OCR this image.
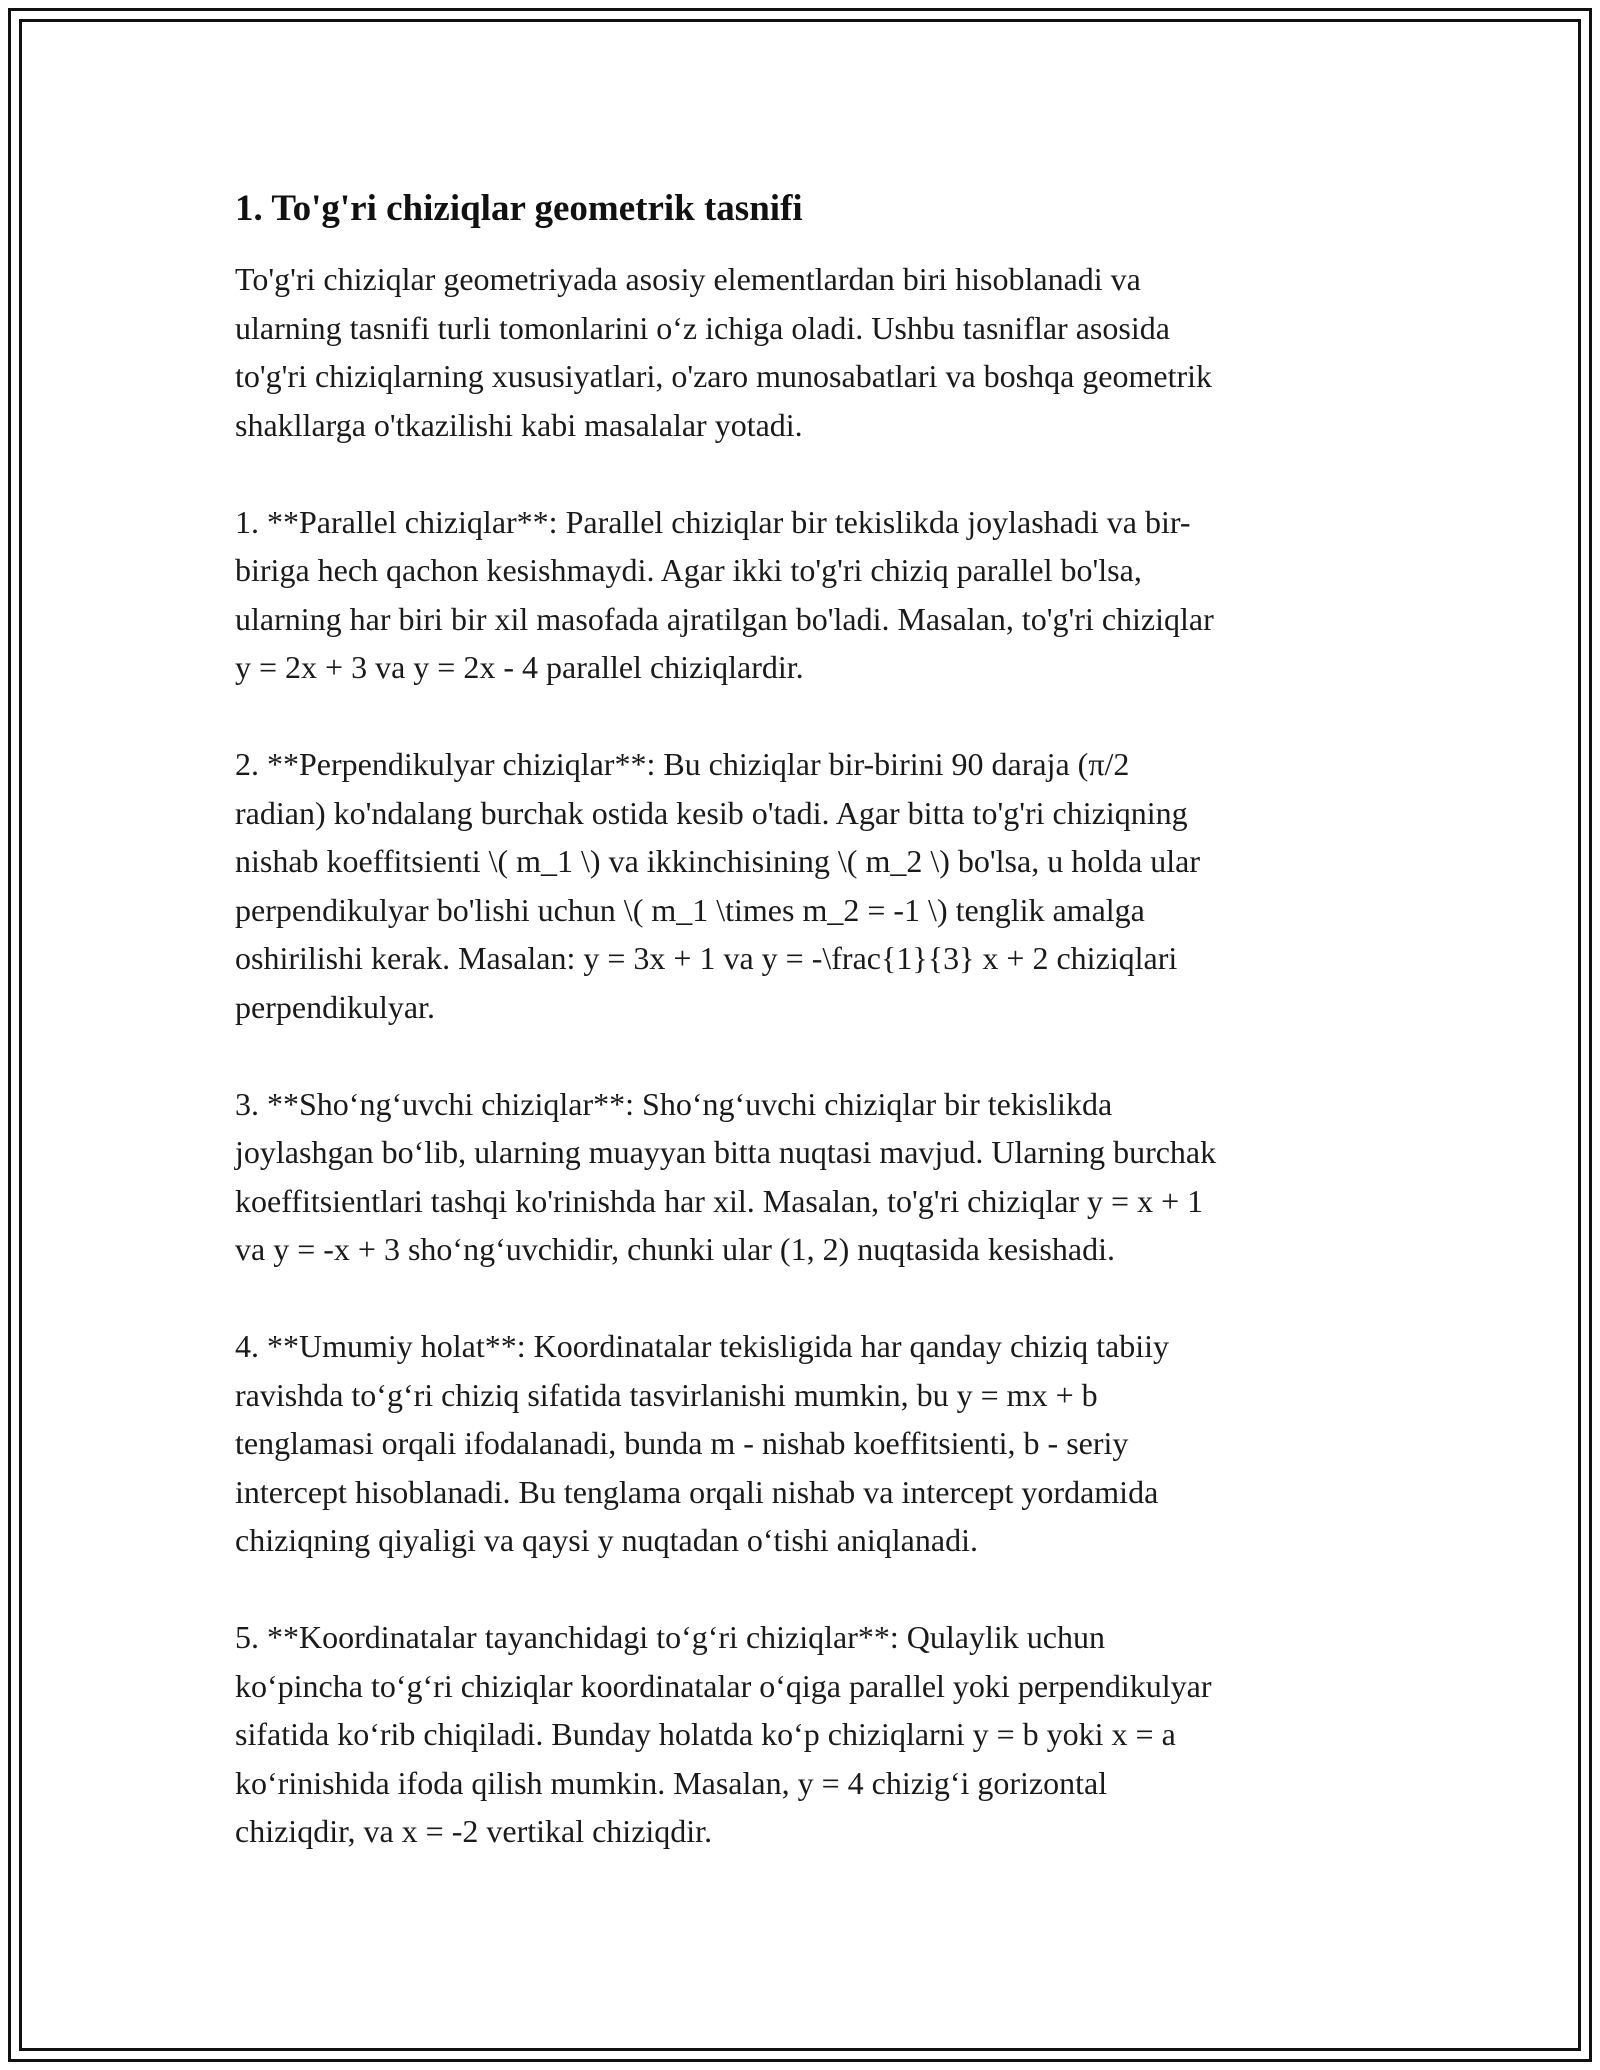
1. To'g'ri chiziqlar geometrik tasnifi

To'g'ri chiziqlar geometriyada asosiy elementlardan biri hisoblanadi va
ularning tasnifi turli tomonlarini o‘z ichiga oladi. Ushbu tasniflar asosida
to'g'ri chiziqlarning xususiyatlari, o'zaro munosabatlari va boshqa geometrik
shakllarga o'tkazilishi kabi masalalar yotadi.

1. **Parallel chiziqlar**: Parallel chiziqlar bir tekislikda joylashadi va bir-
biriga hech qachon kesishmaydi. Agar ikki to'g'ri chiziq parallel bo'lsa,
ularning har biri bir xil masofada ajratilgan bo'ladi. Masalan, to'g'ri chiziqlar
y = 2x + 3 va y = 2x - 4 parallel chiziqlardir.

2. **Perpendikulyar chiziqlar**: Bu chiziqlar bir-birini 90 daraja (π/2
radian) ko'ndalang burchak ostida kesib o'tadi. Agar bitta to'g'ri chiziqning
nishab koeffitsienti \( m_1 \) va ikkinchisining \( m_2 \) bo'lsa, u holda ular
perpendikulyar bo'lishi uchun \( m_1 \times m_2 = -1 \) tenglik amalga
oshirilishi kerak. Masalan: y = 3x + 1 va y = -\frac{1}{3} x + 2 chiziqlari
perpendikulyar.

3. **Sho‘ng‘uvchi chiziqlar**: Sho‘ng‘uvchi chiziqlar bir tekislikda
joylashgan bo‘lib, ularning muayyan bitta nuqtasi mavjud. Ularning burchak
koeffitsientlari tashqi ko'rinishda har xil. Masalan, to'g'ri chiziqlar y = x + 1
va y = -x + 3 sho‘ng‘uvchidir, chunki ular (1, 2) nuqtasida kesishadi.

4. **Umumiy holat**: Koordinatalar tekisligida har qanday chiziq tabiiy
ravishda to‘g‘ri chiziq sifatida tasvirlanishi mumkin, bu y = mx + b
tenglamasi orqali ifodalanadi, bunda m - nishab koeffitsienti, b - seriy
intercept hisoblanadi. Bu tenglama orqali nishab va intercept yordamida
chiziqning qiyaligi va qaysi y nuqtadan o‘tishi aniqlanadi.

5. **Koordinatalar tayanchidagi to‘g‘ri chiziqlar**: Qulaylik uchun
ko‘pincha to‘g‘ri chiziqlar koordinatalar o‘qiga parallel yoki perpendikulyar
sifatida ko‘rib chiqiladi. Bunday holatda ko‘p chiziqlarni y = b yoki x = a
ko‘rinishida ifoda qilish mumkin. Masalan, y = 4 chizig‘i gorizontal
chiziqdir, va x = -2 vertikal chiziqdir.
